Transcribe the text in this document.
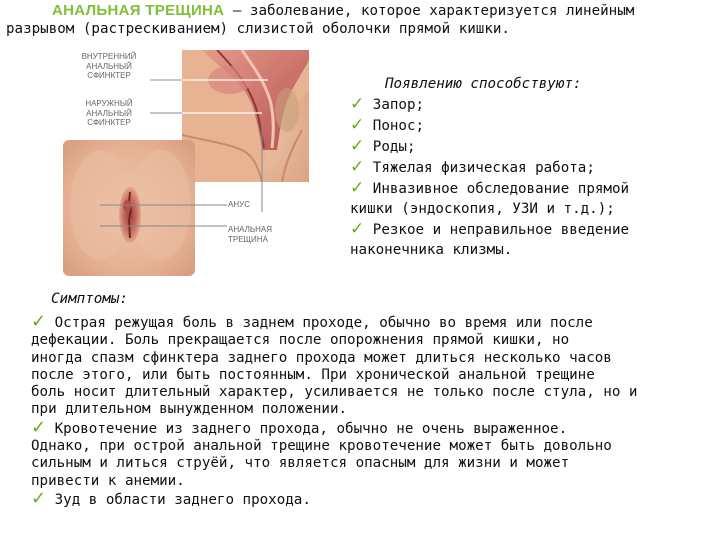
АНАЛЬНАЯ ТРЕЩИНА — заболевание, которое характеризуется линейным
разрывом (растрескиванием) слизистой оболочки прямой кишки.
ВНУТРЕННИЙ
АНАЛЬНЫЙ
СФИНКТЕР
НАРУЖНЫЙ
АНАЛЬНЫЙ
СФИНКТЕР
АНУС
АНАЛЬНАЯ
ТРЕЩИНА
Появлению способствуют:
✓ Запор;
✓ Понос;
✓ Роды;
✓ Тяжелая физическая работа;
✓ Инвазивное обследование прямой
кишки (эндоскопия, УЗИ и т.д.);
✓ Резкое и неправильное введение
наконечника клизмы.
Симптомы:
✓ Острая режущая боль в заднем проходе, обычно во время или после
дефекации. Боль прекращается после опорожнения прямой кишки, но
иногда спазм сфинктера заднего прохода может длиться несколько часов
после этого, или быть постоянным. При хронической анальной трещине
боль носит длительный характер, усиливается не только после стула, но и
при длительном вынужденном положении.
✓ Кровотечение из заднего прохода, обычно не очень выраженное.
Однако, при острой анальной трещине кровотечение может быть довольно
сильным и литься струёй, что является опасным для жизни и может
привести к анемии.
✓ Зуд в области заднего прохода.
